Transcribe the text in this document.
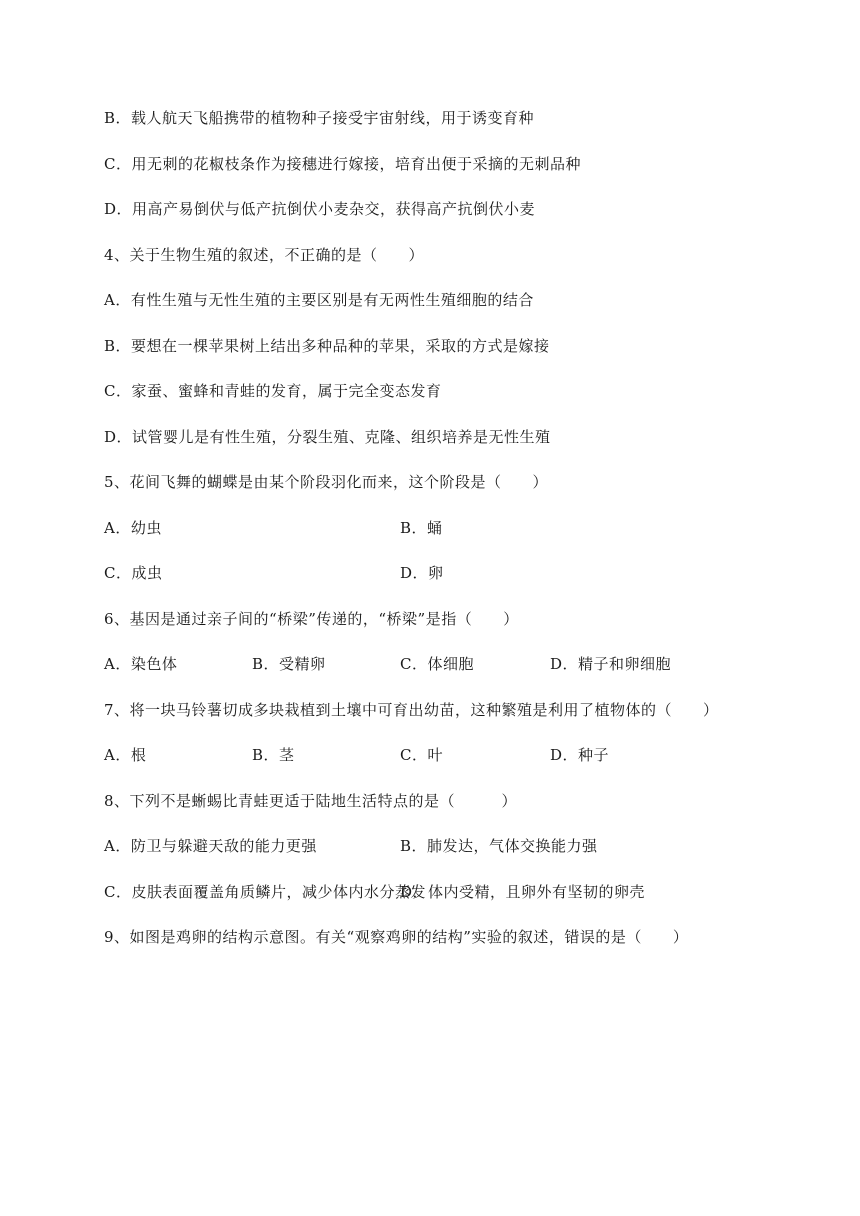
B．载人航天飞船携带的植物种子接受宇宙射线，用于诱变育种
C．用无刺的花椒枝条作为接穗进行嫁接，培育出便于采摘的无刺品种
D．用高产易倒伏与低产抗倒伏小麦杂交，获得高产抗倒伏小麦
4、关于生物生殖的叙述，不正确的是（　　）
A．有性生殖与无性生殖的主要区别是有无两性生殖细胞的结合
B．要想在一棵苹果树上结出多种品种的苹果，采取的方式是嫁接
C．家蚕、蜜蜂和青蛙的发育，属于完全变态发育
D．试管婴儿是有性生殖，分裂生殖、克隆、组织培养是无性生殖
5、花间飞舞的蝴蝶是由某个阶段羽化而来，这个阶段是（　　）
A．幼虫	B．蛹
C．成虫	D．卵
6、基因是通过亲子间的“桥梁”传递的，“桥梁”是指（　　）
A．染色体	B．受精卵	C．体细胞	D．精子和卵细胞
7、将一块马铃薯切成多块栽植到土壤中可育出幼苗，这种繁殖是利用了植物体的（　　）
A．根	B．茎	C．叶	D．种子
8、下列不是蜥蜴比青蛙更适于陆地生活特点的是（　　　）
A．防卫与躲避天敌的能力更强	B．肺发达，气体交换能力强
C．皮肤表面覆盖角质鳞片，减少体内水分蒸发
D．体内受精，且卵外有坚韧的卵壳
9、如图是鸡卵的结构示意图。有关“观察鸡卵的结构”实验的叙述，错误的是（　　）
